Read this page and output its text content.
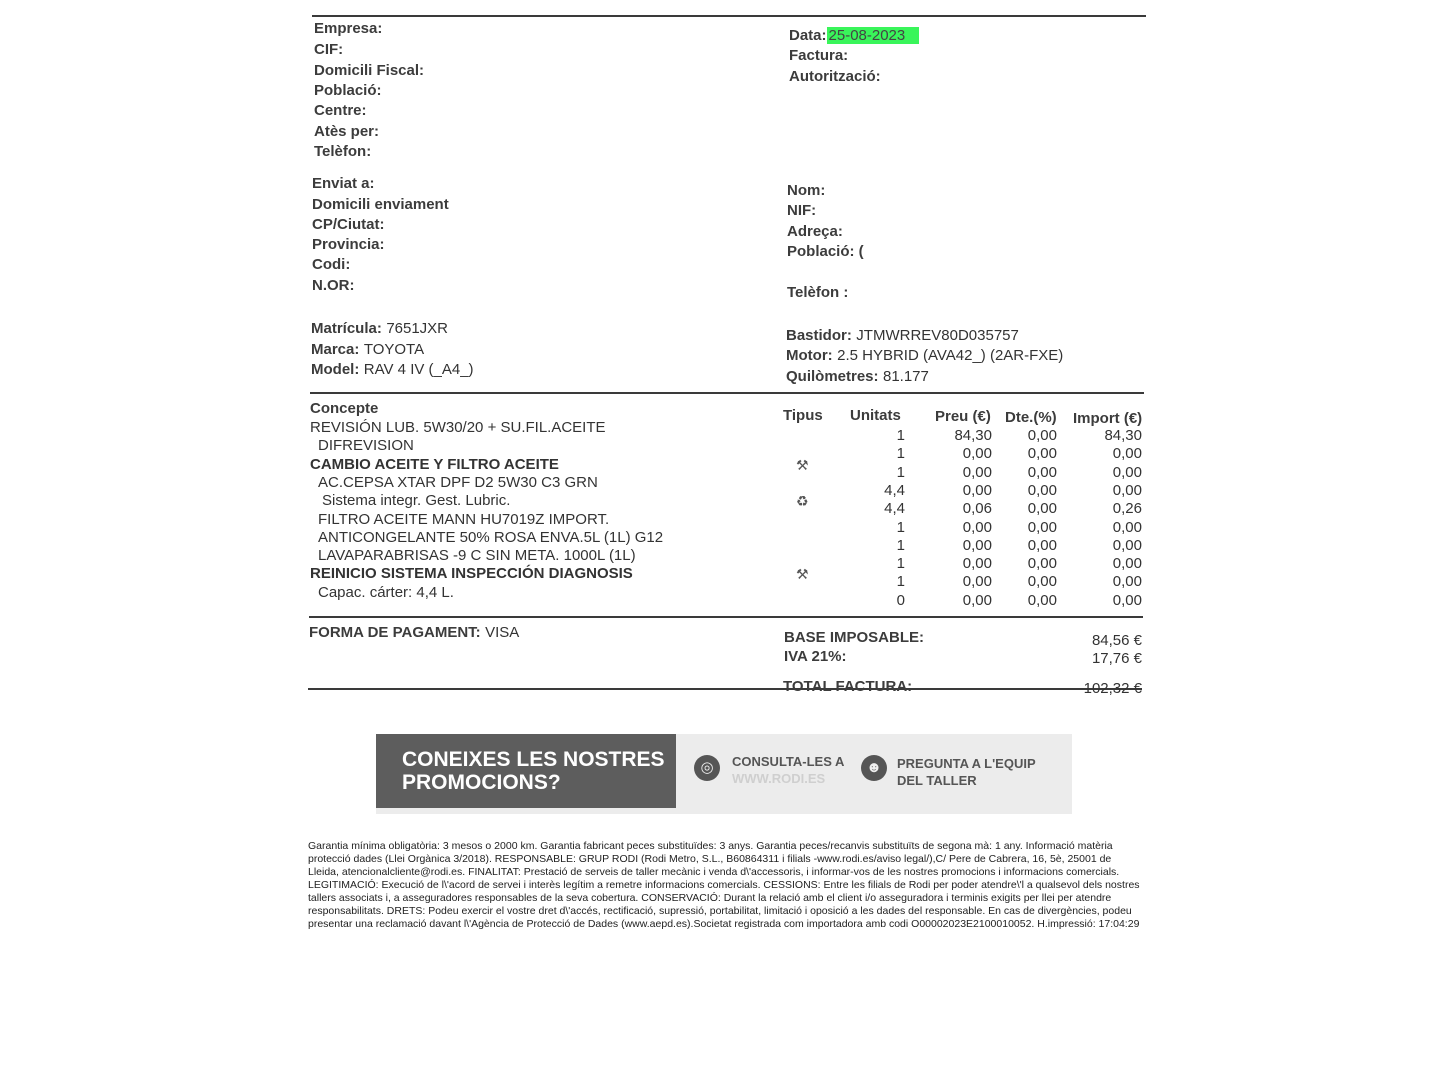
Empresa:
CIF:
Domicili Fiscal:
Població:
Centre:
Atès per:
Telèfon:
Data: 25-08-2023
Factura:
Autorització:
Enviat a:
Domicili enviament
CP/Ciutat:
Provincia:
Codi:
N.OR:
Nom:
NIF:
Adreça:
Població: (
Telèfon :
Matrícula: 7651JXR
Marca: TOYOTA
Model: RAV 4 IV (_A4_)
Bastidor: JTMWRREV80D035757
Motor: 2.5 HYBRID (AVA42_) (2AR-FXE)
Quilòmetres: 81.177
Concepte	Tipus Unitats Preu (€) Dte.(%) Import (€)
REVISIÓN LUB. 5W30/20 + SU.FIL.ACEITE	1	84,30	0,00	84,30
DIFREVISION	1	0,00	0,00	0,00
CAMBIO ACEITE Y FILTRO ACEITE	⚒	1	0,00	0,00	0,00
AC.CEPSA XTAR DPF D2 5W30 C3 GRN	4,4	0,00	0,00	0,00
Sistema integr. Gest. Lubric.	♻	4,4	0,06	0,00	0,26
FILTRO ACEITE MANN HU7019Z IMPORT.	1	0,00	0,00	0,00
ANTICONGELANTE 50% ROSA ENVA.5L (1L) G12	1	0,00	0,00	0,00
LAVAPARABRISAS -9 C SIN META. 1000L (1L)	1	0,00	0,00	0,00
REINICIO SISTEMA INSPECCIÓN DIAGNOSIS	⚒	1	0,00	0,00	0,00
Capac. cárter: 4,4 L.	0	0,00	0,00	0,00
FORMA DE PAGAMENT: VISA	BASE IMPOSABLE:	84,56 €
IVA 21%:	17,76 €
TOTAL FACTURA:	102,32 €
CONEIXES LES NOSTRES
PROMOCIONS?
◎	CONSULTA-LES A
WWW.RODI.ES
☻	PREGUNTA A L'EQUIP
DEL TALLER

Garantia mínima obligatòria: 3 mesos o 2000 km. Garantia fabricant peces substituïdes: 3 anys. Garantia peces/recanvis substituïts de segona mà: 1 any. Informació matèria protecció dades (Llei Orgànica 3/2018). RESPONSABLE: GRUP RODI (Rodi Metro, S.L., B60864311 i filials -www.rodi.es/aviso legal/),C/ Pere de Cabrera, 16, 5è, 25001 de Lleida, atencionalcliente@rodi.es. FINALITAT: Prestació de serveis de taller mecànic i venda d\'accessoris, i informar-vos de les nostres promocions i informacions comercials. LEGITIMACIÓ: Execució de l\'acord de servei i interès legítim a remetre informacions comercials. CESSIONS: Entre les filials de Rodi per poder atendre\'l a qualsevol dels nostres tallers associats i, a asseguradores responsables de la seva cobertura. CONSERVACIÓ: Durant la relació amb el client i/o asseguradora i terminis exigits per llei per atendre responsabilitats. DRETS: Podeu exercir el vostre dret d\'accés, rectificació, supressió, portabilitat, limitació i oposició a les dades del responsable. En cas de divergències, podeu presentar una reclamació davant l\'Agència de Protecció de Dades (www.aepd.es).Societat registrada com importadora amb codi O00002023E2100010052. H.impressió: 17:04:29
